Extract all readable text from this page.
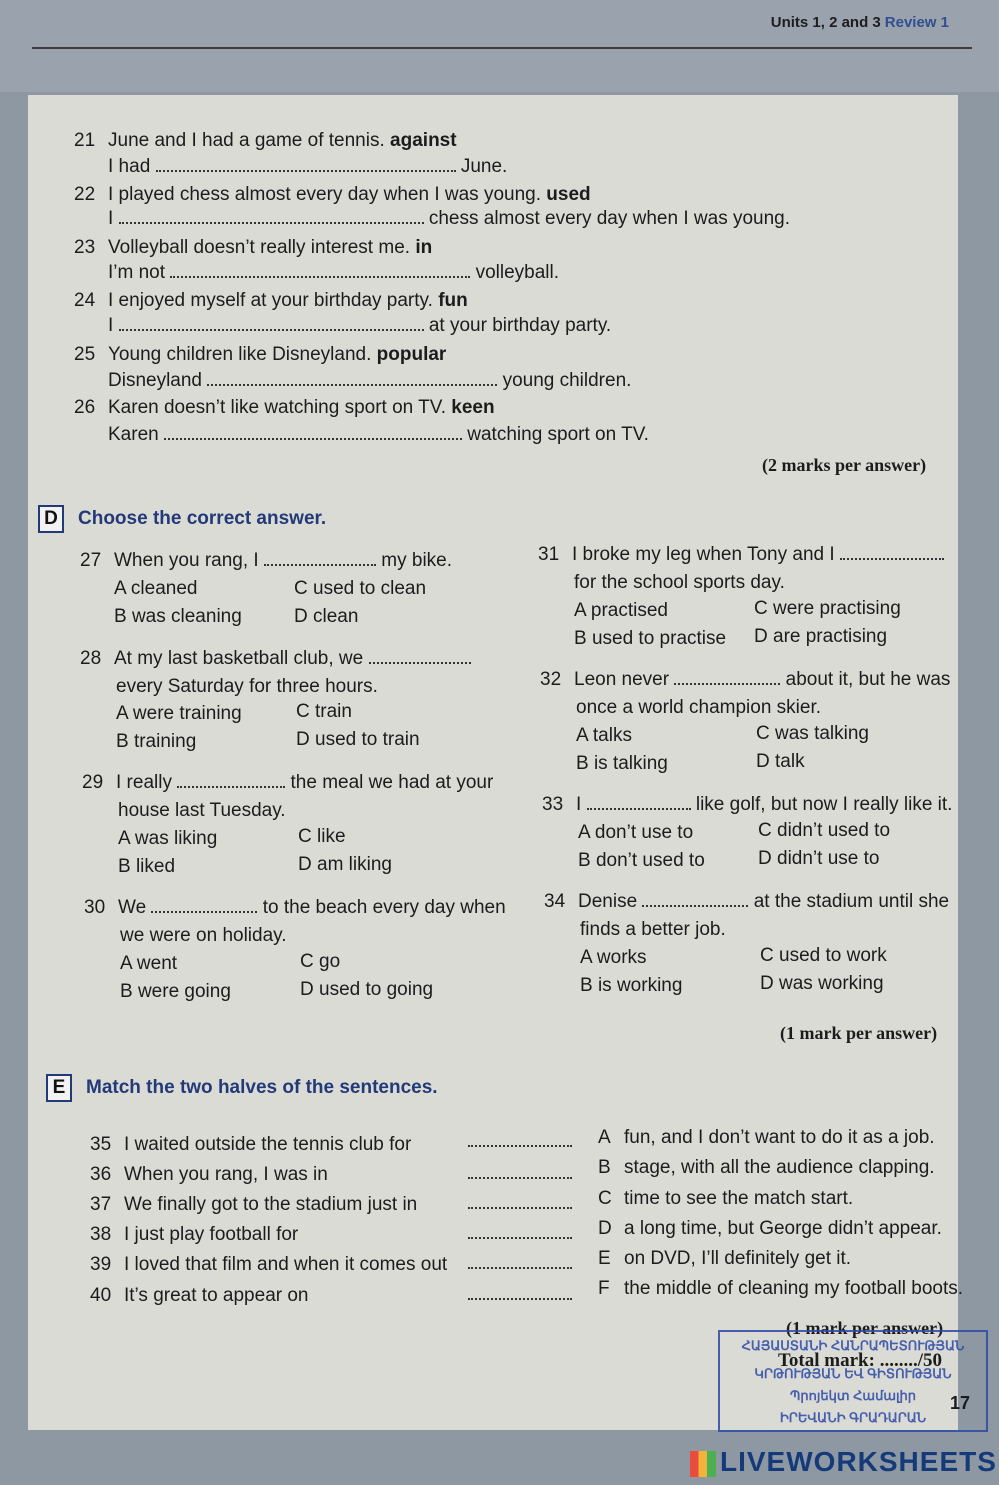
Units 1, 2 and 3 Review 1
21 June and I had a game of tennis. against
I had	June.
22 I played chess almost every day when I was young. used
I	chess almost every day when I was young.
23 Volleyball doesn’t really interest me. in
I’m not	volleyball.
24 I enjoyed myself at your birthday party. fun
I	at your birthday party.
25 Young children like Disneyland. popular
Disneyland	young children.
26 Karen doesn’t like watching sport on TV. keen
Karen	watching sport on TV.
(2 marks per answer)
D Choose the correct answer.
27 When you rang, I	my bike.
A cleaned	C used to clean
B was cleaning	D clean
28 At my last basketball club, we
every Saturday for three hours.
A were training	C train
B training	D used to train
29 I really	the meal we had at your
house last Tuesday.
A was liking	C like
B liked	D am liking
30 We	to the beach every day when
we were on holiday.
A went	C go
B were going	D used to going
31 I broke my leg when Tony and I
for the school sports day.
A practised	C were practising
B used to practise D are practising
32 Leon never	about it, but he was
once a world champion skier.
A talks	C was talking
B is talking	D talk
33 I	like golf, but now I really like it.
A don’t use to	C didn’t used to
B don’t used to	D didn’t use to
34 Denise	at the stadium until she
finds a better job.
A works	C used to work
B is working	D was working
(1 mark per answer)
E Match the two halves of the sentences.
35 I waited outside the tennis club for
36 When you rang, I was in
37 We finally got to the stadium just in
38 I just play football for
39 I loved that film and when it comes out
40 It’s great to appear on
A fun, and I don’t want to do it as a job.
B stage, with all the audience clapping.
C time to see the match start.
D a long time, but George didn’t appear.
E on DVD, I’ll definitely get it.
F the middle of cleaning my football boots.
(1 mark per answer)
ՀԱՅԱՍՏԱՆԻ ՀԱՆՐԱՊԵՏՈՒԹՅԱՆ
ԿՐԹՈՒԹՅԱՆ ԵՎ ԳԻՏՈՒԹՅԱՆ
Պրոյեկտ Համալիր
ԻՐԵՎԱՆԻ ԳՐԱԴԱՐԱՆ
Total mark: ......../50
17
LIVEWORKSHEETS
